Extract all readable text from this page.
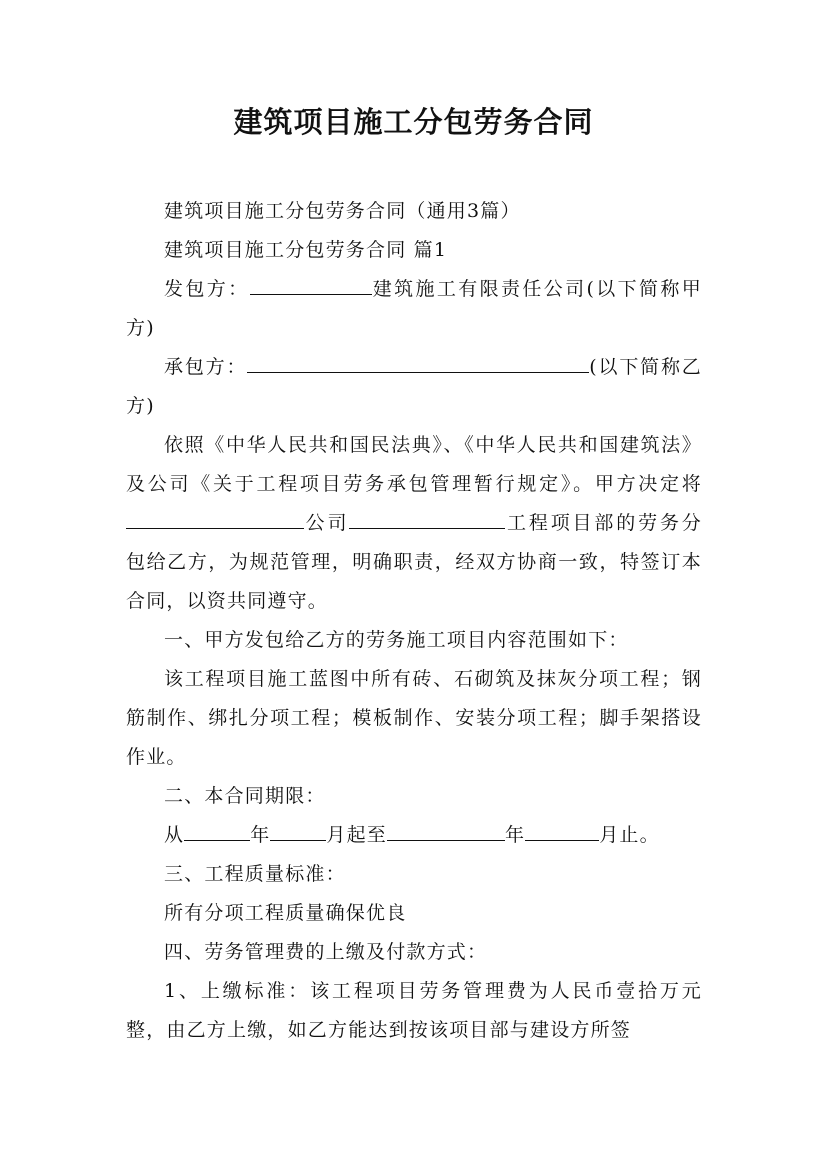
建筑项目施工分包劳务合同

建筑项目施工分包劳务合同（通用3篇）

建筑项目施工分包劳务合同 篇1

发包方：	建筑施工有限责任公司(以下简称甲方)

承包方：	(以下简称乙方)

依照《中华人民共和国民法典》、《中华人民共和国建筑法》及公司《关于工程项目劳务承包管理暂行规定》。甲方决定将公司	工程项目部的劳务分包给乙方，为规范管理，明确职责，经双方协商一致，特签订本合同，以资共同遵守。

一、甲方发包给乙方的劳务施工项目内容范围如下：

该工程项目施工蓝图中所有砖、石砌筑及抹灰分项工程；钢筋制作、绑扎分项工程；模板制作、安装分项工程；脚手架搭设作业。

二、本合同期限：

从	年	月起至	年	月止。

三、工程质量标准：

所有分项工程质量确保优良

四、劳务管理费的上缴及付款方式：

1、上缴标准：该工程项目劳务管理费为人民币壹拾万元整，由乙方上缴，如乙方能达到按该项目部与建设方所签
